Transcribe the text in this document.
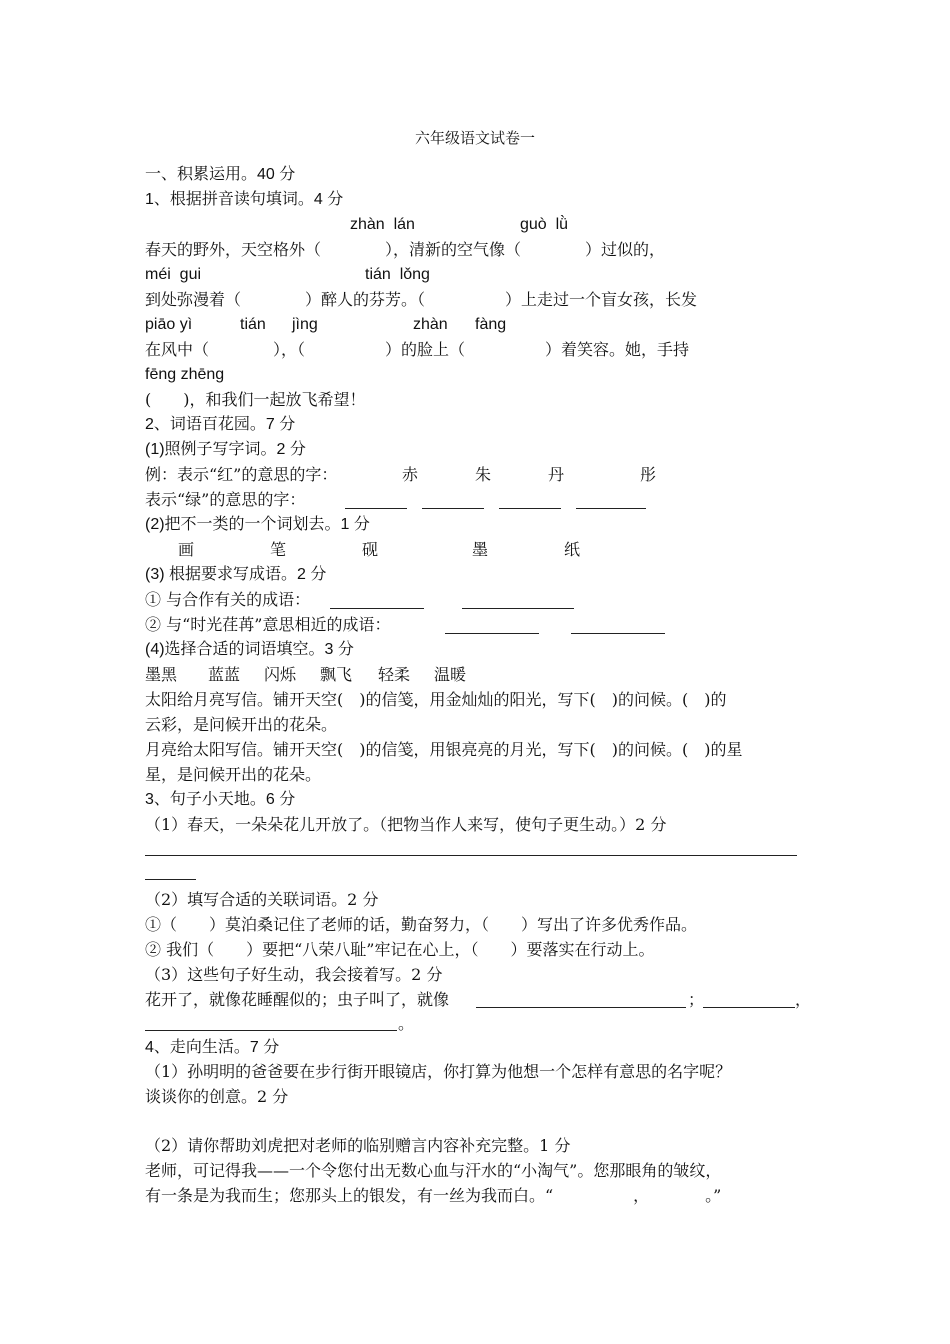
六年级语文试卷一
一、积累运用。40 分
1、根据拼音读句填词。4 分
zhàn  lán	guò  lǜ
春天的野外，天空格外（　　　　），清新的空气像（　　　　）过似的，
méi  gui	tián  lǒng
到处弥漫着（　　　　）醉人的芬芳。（　　　　　）上走过一个盲女孩，长发
piāo yì	tián jìng	zhàn fàng
在风中（　　　　），（　　　　　）的脸上（　　　　　）着笑容。她，手持
fēng zhēng
(　　)，和我们一起放飞希望！
2、词语百花园。7 分
(1)照例子写字词。2 分
例：表示“红”的意思的字：	赤	朱	丹	彤
表示“绿”的意思的字：
(2)把不一类的一个词划去。1 分
画	笔	砚	墨	纸
(3) 根据要求写成语。2 分
① 与合作有关的成语：
② 与“时光荏苒”意思相近的成语：
(4)选择合适的词语填空。3 分
墨黑 蓝蓝 闪烁 飘飞 轻柔 温暖
太阳给月亮写信。铺开天空(　)的信笺，用金灿灿的阳光，写下(　)的问候。(　)的
云彩，是问候开出的花朵。
月亮给太阳写信。铺开天空(　)的信笺，用银亮亮的月光，写下(　)的问候。(　)的星
星，是问候开出的花朵。
3、句子小天地。6 分
（1）春天，一朵朵花儿开放了。（把物当作人来写，使句子更生动。）2 分
（2）填写合适的关联词语。2 分
①（　　）莫泊桑记住了老师的话，勤奋努力，（　　）写出了许多优秀作品。
② 我们（　　）要把“八荣八耻”牢记在心上，（　　）要落实在行动上。
（3）这些句子好生动，我会接着写。2 分
花开了，就像花睡醒似的；虫子叫了，就像	；	，
。
4、走向生活。7 分
（1）孙明明的爸爸要在步行街开眼镜店，你打算为他想一个怎样有意思的名字呢？
谈谈你的创意。2 分
（2）请你帮助刘虎把对老师的临别赠言内容补充完整。1 分
老师，可记得我——一个令您付出无数心血与汗水的“小淘气”。您那眼角的皱纹，
有一条是为我而生；您那头上的银发，有一丝为我而白。“　　　　　，　　　　。”
